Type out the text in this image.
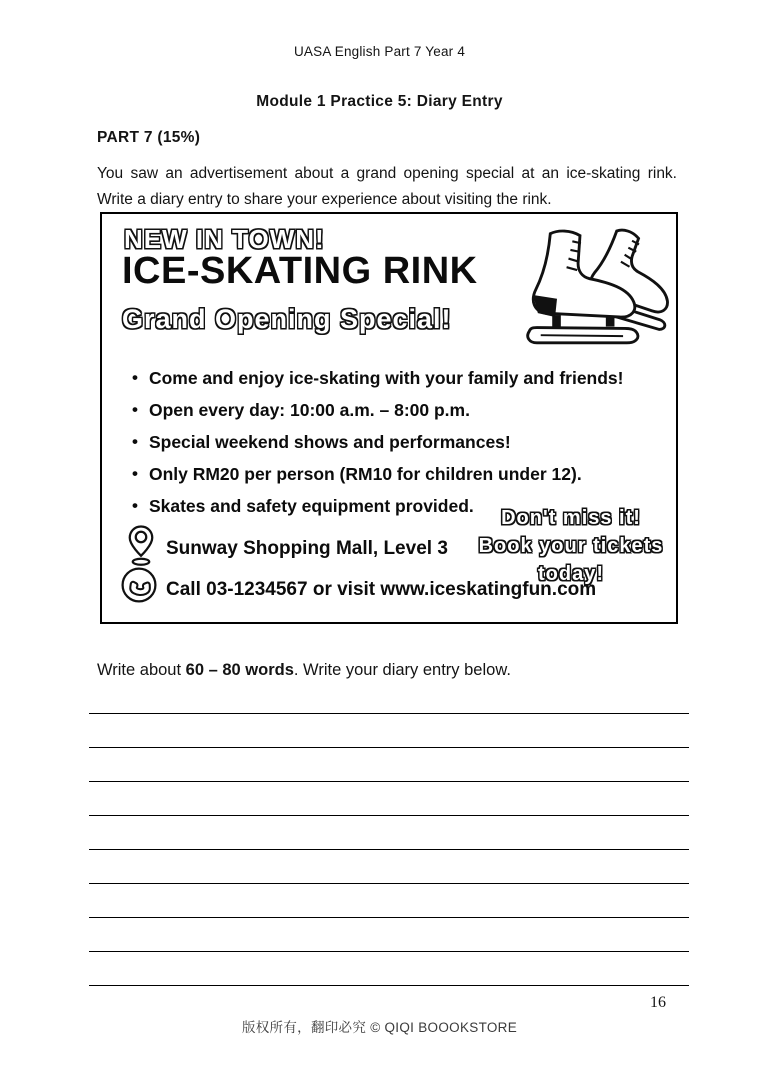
UASA English Part 7 Year 4
Module 1 Practice 5: Diary Entry
PART 7 (15%)
You saw an advertisement about a grand opening special at an ice-skating rink.
Write a diary entry to share your experience about visiting the rink.
NEW IN TOWN!
ICE-SKATING RINK
Grand Opening Special!
• Come and enjoy ice-skating with your family and friends!
• Open every day: 10:00 a.m. – 8:00 p.m.
• Special weekend shows and performances!
• Only RM20 per person (RM10 for children under 12).
• Skates and safety equipment provided.
Sunway Shopping Mall, Level 3
Call 03-1234567 or visit www.iceskatingfun.com
Don't miss it!
Book your tickets
today!
Write about 60 – 80 words. Write your diary entry below.
16
版权所有，翻印必究 © QIQI BOOOKSTORE
